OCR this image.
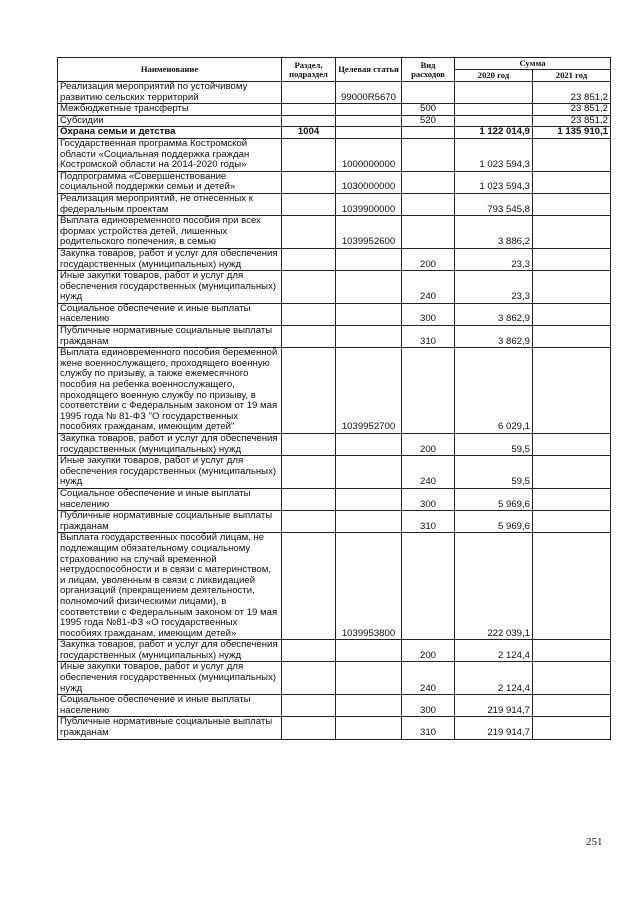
Наименование	Раздел, подраздел	Целевая статья	Вид расходов	Сумма	
				2020 год	2021 год
Реализация мероприятий по устойчивому развитию сельских территорий		99000R5670			23 851,2
Межбюджетные трансферты			500		23 851,2
Субсидии			520		23 851,2
Охрана семьи и детства	1004			1 122 014,9	1 135 910,1
Государственная программа Костромской области «Социальная поддержка граждан Костромской области на 2014-2020 годы»		1000000000		1 023 594,3	
Подпрограмма «Совершенствование социальной поддержки семьи и детей»		1030000000		1 023 594,3	
Реализация мероприятий, не отнесенных к федеральным проектам		1039900000		793 545,8	
Выплата единовременного пособия при всех формах устройства детей, лишенных родительского попечения, в семью		1039952600		3 886,2	
Закупка товаров, работ и услуг для обеспечения государственных (муниципальных) нужд			200	23,3	
Иные закупки товаров, работ и услуг для обеспечения государственных (муниципальных) нужд			240	23,3	
Социальное обеспечение и иные выплаты населению			300	3 862,9	
Публичные нормативные социальные выплаты гражданам			310	3 862,9	
Выплата единовременного пособия беременной жене военнослужащего, проходящего военную службу по призыву, а также ежемесячного пособия на ребенка военнослужащего, проходящего военную службу по призыву, в соответствии с Федеральным законом от 19 мая 1995 года № 81-ФЗ "О государственных пособиях гражданам, имеющим детей"		1039952700		6 029,1	
Закупка товаров, работ и услуг для обеспечения государственных (муниципальных) нужд			200	59,5	
Иные закупки товаров, работ и услуг для обеспечения государственных (муниципальных) нужд			240	59,5	
Социальное обеспечение и иные выплаты населению			300	5 969,6	
Публичные нормативные социальные выплаты гражданам			310	5 969,6	
Выплата государственных пособий лицам, не подлежащим обязательному социальному страхованию на случай временной нетрудоспособности и в связи с материнством, и лицам, уволенным в связи с ликвидацией организаций (прекращением деятельности, полномочий физическими лицами), в соответствии с Федеральным законом от 19 мая 1995 года №81-ФЗ «О государственных пособиях гражданам, имеющим детей»		1039953800		222 039,1	
Закупка товаров, работ и услуг для обеспечения государственных (муниципальных) нужд			200	2 124,4	
Иные закупки товаров, работ и услуг для обеспечения государственных (муниципальных) нужд			240	2 124,4	
Социальное обеспечение и иные выплаты населению			300	219 914,7	
Публичные нормативные социальные выплаты гражданам			310	219 914,7	
251
